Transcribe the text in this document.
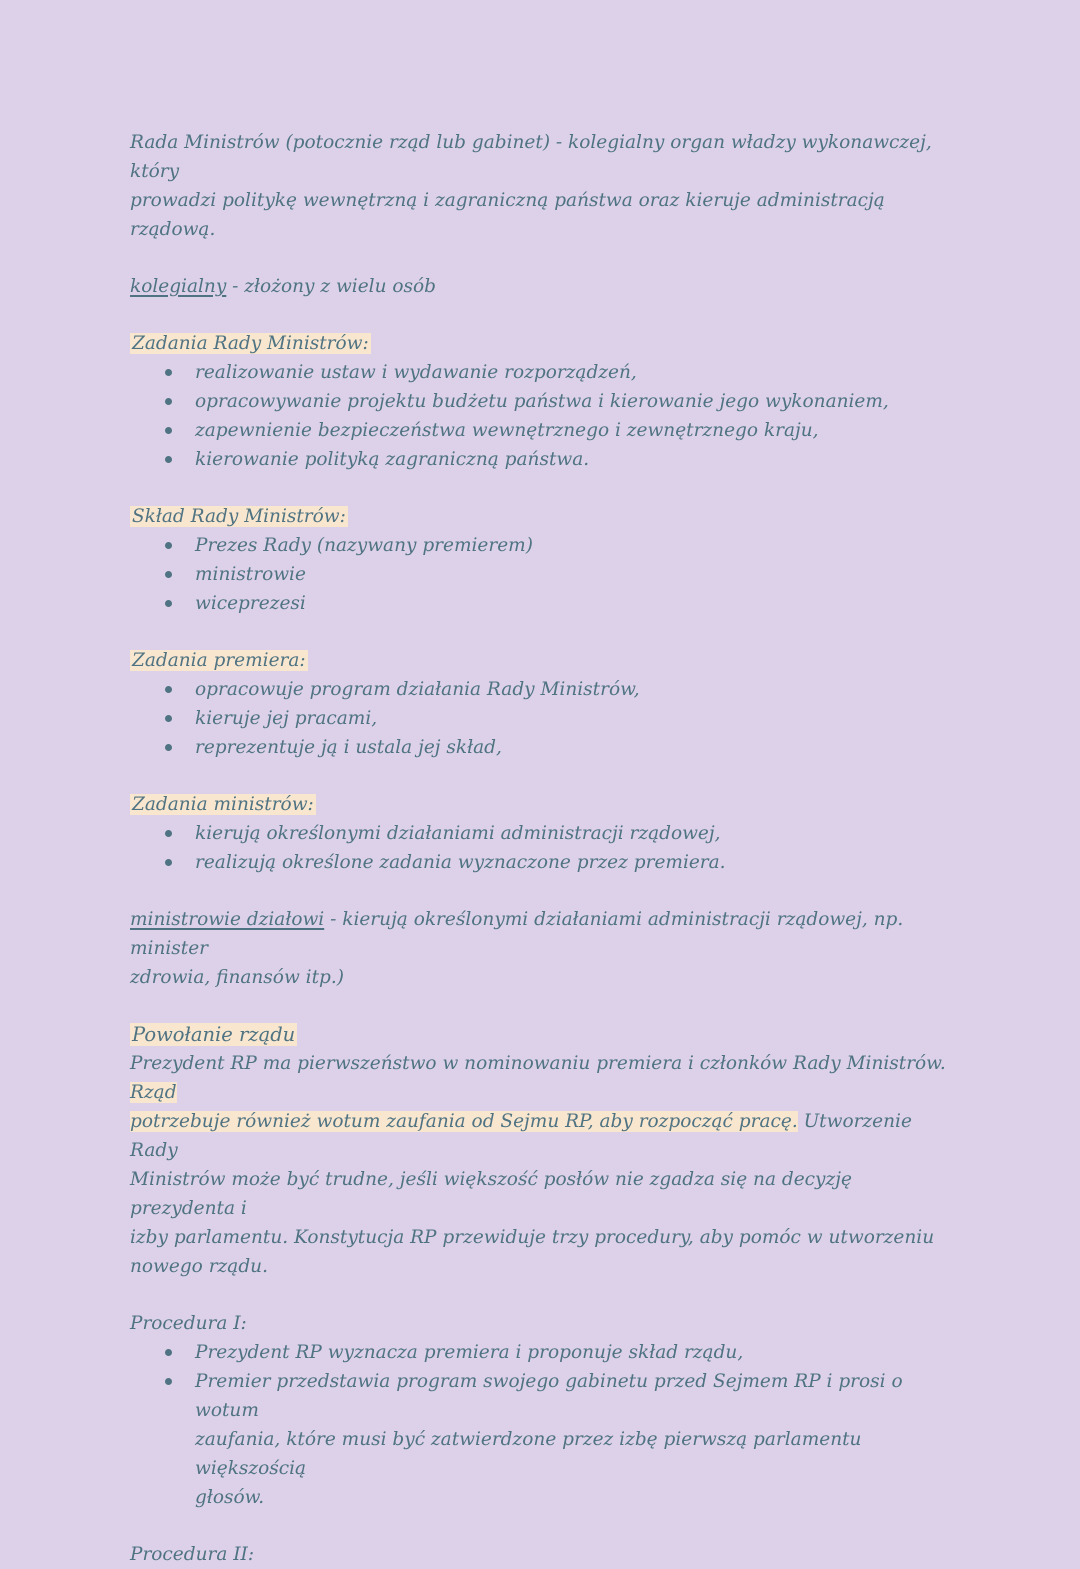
Rada Ministrów (potocznie rząd lub gabinet) - kolegialny organ władzy wykonawczej, który
prowadzi politykę wewnętrzną i zagraniczną państwa oraz kieruje administracją rządową.
kolegialny - złożony z wielu osób
Zadania Rady Ministrów:
realizowanie ustaw i wydawanie rozporządzeń,
opracowywanie projektu budżetu państwa i kierowanie jego wykonaniem,
zapewnienie bezpieczeństwa wewnętrznego i zewnętrznego kraju,
kierowanie polityką zagraniczną państwa.
Skład Rady Ministrów:
Prezes Rady (nazywany premierem)
ministrowie
wiceprezesi
Zadania premiera:
opracowuje program działania Rady Ministrów,
kieruje jej pracami,
reprezentuje ją i ustala jej skład,
Zadania ministrów:
kierują określonymi działaniami administracji rządowej,
realizują określone zadania wyznaczone przez premiera.
ministrowie działowi - kierują określonymi działaniami administracji rządowej, np. minister
zdrowia, finansów itp.)
Powołanie rządu
Prezydent RP ma pierwszeństwo w nominowaniu premiera i członków Rady Ministrów. Rząd
potrzebuje również wotum zaufania od Sejmu RP, aby rozpocząć pracę. Utworzenie Rady
Ministrów może być trudne, jeśli większość posłów nie zgadza się na decyzję prezydenta i
izby parlamentu. Konstytucja RP przewiduje trzy procedury, aby pomóc w utworzeniu
nowego rządu.
Procedura I:
Prezydent RP wyznacza premiera i proponuje skład rządu,
Premier przedstawia program swojego gabinetu przed Sejmem RP i prosi o wotum
zaufania, które musi być zatwierdzone przez izbę pierwszą parlamentu większością
głosów.
Procedura II:
